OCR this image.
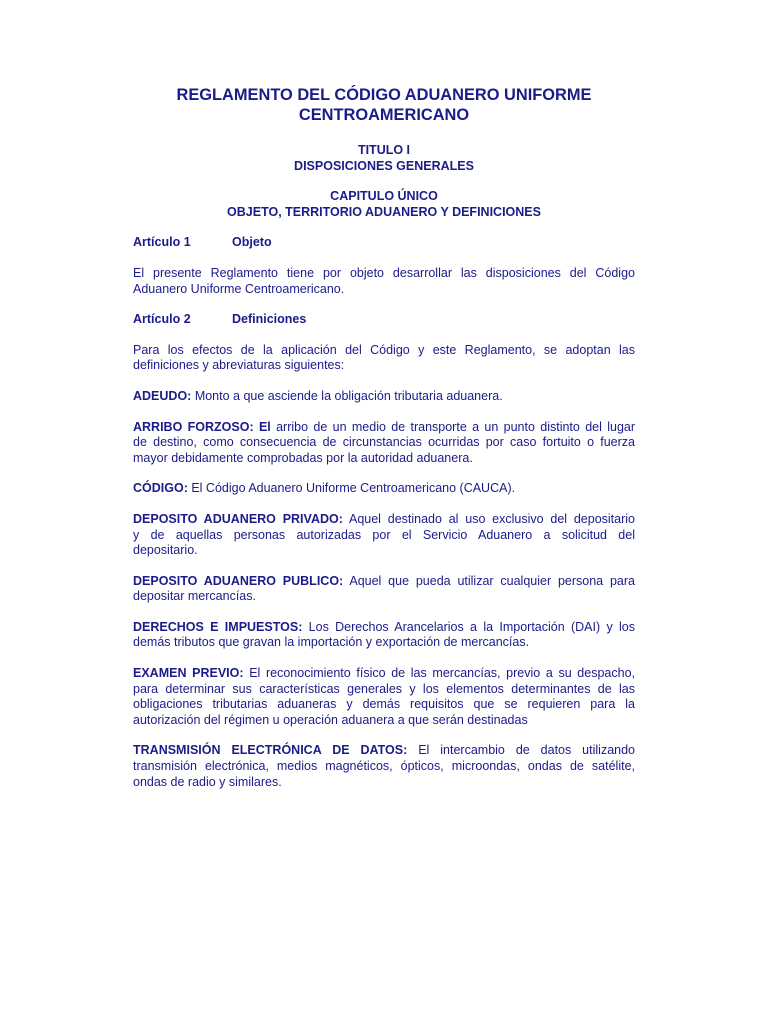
REGLAMENTO DEL CÓDIGO ADUANERO UNIFORME
CENTROAMERICANO
TITULO I
DISPOSICIONES GENERALES
CAPITULO ÚNICO
OBJETO, TERRITORIO ADUANERO Y DEFINICIONES
Artículo 1	Objeto

El presente Reglamento tiene por objeto desarrollar las disposiciones del Código
Aduanero Uniforme Centroamericano.

Artículo 2	Definiciones

Para los efectos de la aplicación del Código y este Reglamento, se adoptan las
definiciones y abreviaturas siguientes:

ADEUDO: Monto a que asciende la obligación tributaria aduanera.

ARRIBO FORZOSO: El arribo de un medio de transporte a un punto distinto del lugar
de destino, como consecuencia de circunstancias ocurridas por caso fortuito o fuerza
mayor debidamente comprobadas por la autoridad aduanera.

CÓDIGO: El Código Aduanero Uniforme Centroamericano (CAUCA).

DEPOSITO ADUANERO PRIVADO: Aquel destinado al uso exclusivo del depositario
y de aquellas personas autorizadas por el Servicio Aduanero a solicitud del
depositario.

DEPOSITO ADUANERO PUBLICO: Aquel que pueda utilizar cualquier persona para
depositar mercancías.

DERECHOS E IMPUESTOS: Los Derechos Arancelarios a la Importación (DAI) y los
demás tributos que gravan la importación y exportación de mercancías.

EXAMEN PREVIO: El reconocimiento físico de las mercancías, previo a su despacho,
para determinar sus características generales y los elementos determinantes de las
obligaciones tributarias aduaneras y demás requisitos que se requieren para la
autorización del régimen u operación aduanera a que serán destinadas

TRANSMISIÓN ELECTRÓNICA DE DATOS: El intercambio de datos utilizando
transmisión electrónica, medios magnéticos, ópticos, microondas, ondas de satélite,
ondas de radio y similares.
